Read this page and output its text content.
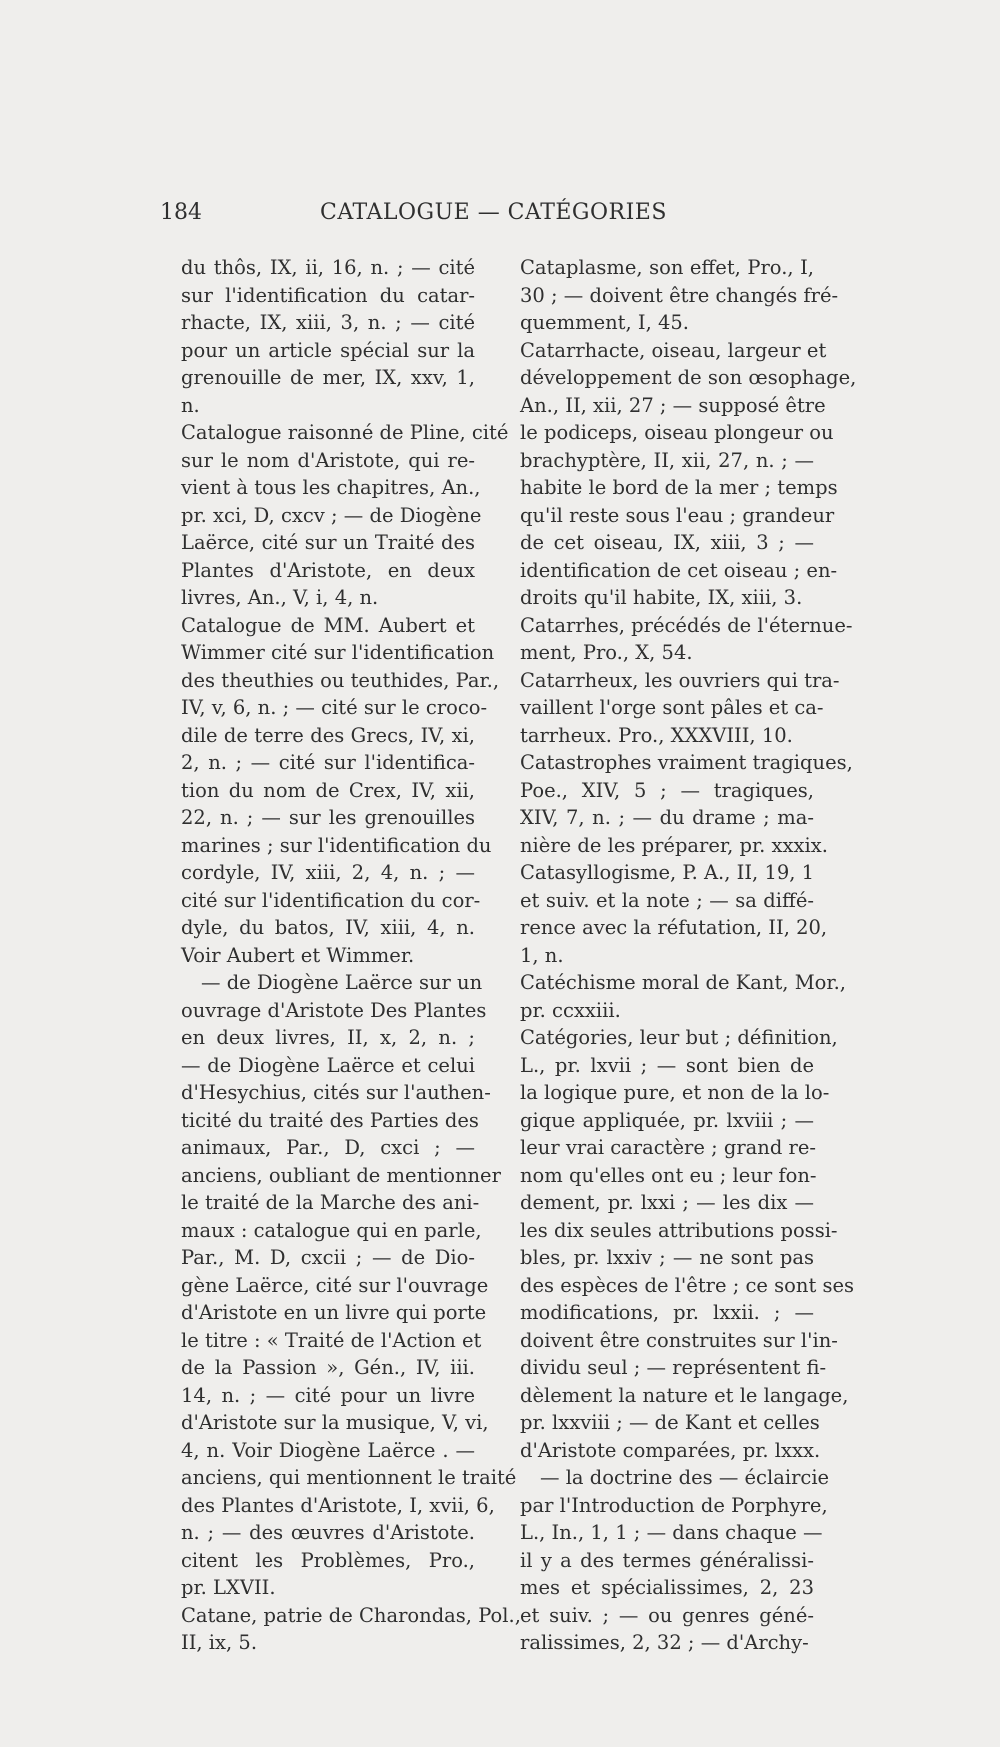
184	CATALOGUE — CATÉGORIES
du thôs, IX, ii, 16, n. ; — cité
sur l'identification du catar-
rhacte, IX, xiii, 3, n. ; — cité
pour un article spécial sur la
grenouille de mer, IX, xxv, 1,
n.
Catalogue raisonné de Pline, cité
sur le nom d'Aristote, qui re-
vient à tous les chapitres, An.,
pr. xci, D, cxcv ; — de Diogène
Laërce, cité sur un Traité des
Plantes d'Aristote, en deux
livres, An., V, i, 4, n.
Catalogue de MM. Aubert et
Wimmer cité sur l'identification
des theuthies ou teuthides, Par.,
IV, v, 6, n. ; — cité sur le croco-
dile de terre des Grecs, IV, xi,
2, n. ; — cité sur l'identifica-
tion du nom de Crex, IV, xii,
22, n. ; — sur les grenouilles
marines ; sur l'identification du
cordyle, IV, xiii, 2, 4, n. ; —
cité sur l'identification du cor-
dyle, du batos, IV, xiii, 4, n.
Voir Aubert et Wimmer.
— de Diogène Laërce sur un
ouvrage d'Aristote Des Plantes
en deux livres, II, x, 2, n. ;
— de Diogène Laërce et celui
d'Hesychius, cités sur l'authen-
ticité du traité des Parties des
animaux, Par., D, cxci ; —
anciens, oubliant de mentionner
le traité de la Marche des ani-
maux : catalogue qui en parle,
Par., M. D, cxcii ; — de Dio-
gène Laërce, cité sur l'ouvrage
d'Aristote en un livre qui porte
le titre : « Traité de l'Action et
de la Passion », Gén., IV, iii.
14, n. ; — cité pour un livre
d'Aristote sur la musique, V, vi,
4, n. Voir Diogène Laërce . —
anciens, qui mentionnent le traité
des Plantes d'Aristote, I, xvii, 6,
n. ; — des œuvres d'Aristote.
citent les Problèmes, Pro.,
pr. LXVII.
Catane, patrie de Charondas, Pol.,
II, ix, 5.
Cataplasme, son effet, Pro., I,
30 ; — doivent être changés fré-
quemment, I, 45.
Catarrhacte, oiseau, largeur et
développement de son œsophage,
An., II, xii, 27 ; — supposé être
le podiceps, oiseau plongeur ou
brachyptère, II, xii, 27, n. ; —
habite le bord de la mer ; temps
qu'il reste sous l'eau ; grandeur
de cet oiseau, IX, xiii, 3 ; —
identification de cet oiseau ; en-
droits qu'il habite, IX, xiii, 3.
Catarrhes, précédés de l'éternue-
ment, Pro., X, 54.
Catarrheux, les ouvriers qui tra-
vaillent l'orge sont pâles et ca-
tarrheux. Pro., XXXVIII, 10.
Catastrophes vraiment tragiques,
Poe., XIV, 5 ; — tragiques,
XIV, 7, n. ; — du drame ; ma-
nière de les préparer, pr. xxxix.
Catasyllogisme, P. A., II, 19, 1
et suiv. et la note ; — sa diffé-
rence avec la réfutation, II, 20,
1, n.
Catéchisme moral de Kant, Mor.,
pr. ccxxiii.
Catégories, leur but ; définition,
L., pr. lxvii ; — sont bien de
la logique pure, et non de la lo-
gique appliquée, pr. lxviii ; —
leur vrai caractère ; grand re-
nom qu'elles ont eu ; leur fon-
dement, pr. lxxi ; — les dix —
les dix seules attributions possi-
bles, pr. lxxiv ; — ne sont pas
des espèces de l'être ; ce sont ses
modifications, pr. lxxii. ; —
doivent être construites sur l'in-
dividu seul ; — représentent fi-
dèlement la nature et le langage,
pr. lxxviii ; — de Kant et celles
d'Aristote comparées, pr. lxxx.
— la doctrine des — éclaircie
par l'Introduction de Porphyre,
L., In., 1, 1 ; — dans chaque —
il y a des termes généralissi-
mes et spécialissimes, 2, 23
et suiv. ; — ou genres géné-
ralissimes, 2, 32 ; — d'Archy-
